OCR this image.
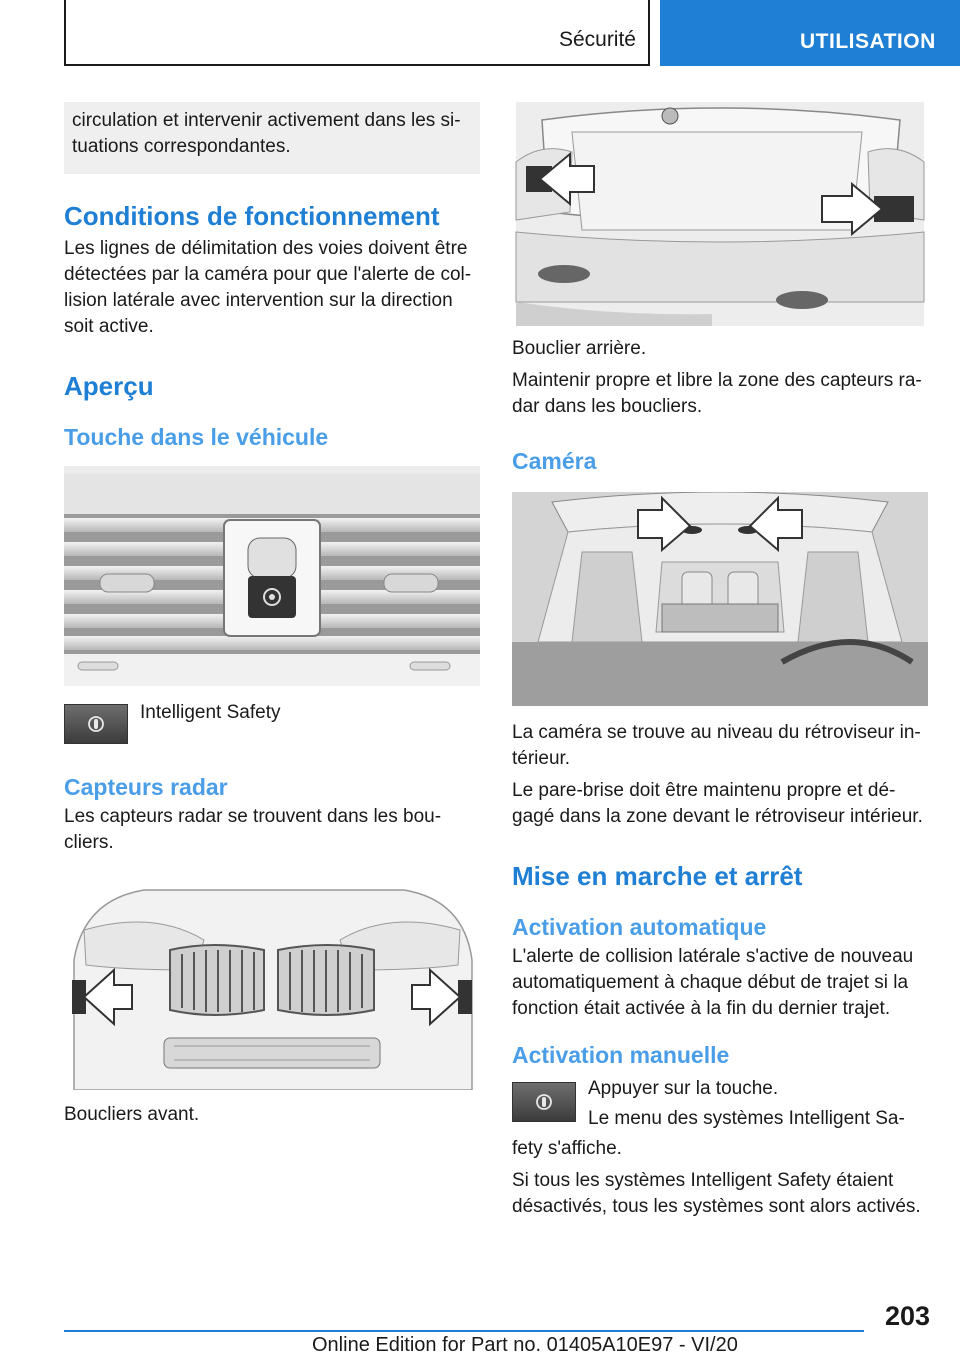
Sécurité	UTILISATION

circulation et intervenir activement dans les si-tuations correspondantes.

Conditions de fonctionnement

Les lignes de délimitation des voies doivent être détectées par la caméra pour que l'alerte de col-lision latérale avec intervention sur la direction soit active.

Aperçu
Touche dans le véhicule

Intelligent Safety

Capteurs radar

Les capteurs radar se trouvent dans les bou-cliers.

Boucliers avant.

Bouclier arrière.

Maintenir propre et libre la zone des capteurs ra-dar dans les boucliers.

Caméra

La caméra se trouve au niveau du rétroviseur in-térieur.

Le pare-brise doit être maintenu propre et dé-gagé dans la zone devant le rétroviseur intérieur.

Mise en marche et arrêt
Activation automatique

L'alerte de collision latérale s'active de nouveau automatiquement à chaque début de trajet si la fonction était activée à la fin du dernier trajet.

Activation manuelle

Appuyer sur la touche.

Le menu des systèmes Intelligent Sa-

fety s'affiche.

Si tous les systèmes Intelligent Safety étaient désactivés, tous les systèmes sont alors activés.

203
Online Edition for Part no. 01405A10E97 - VI/20
